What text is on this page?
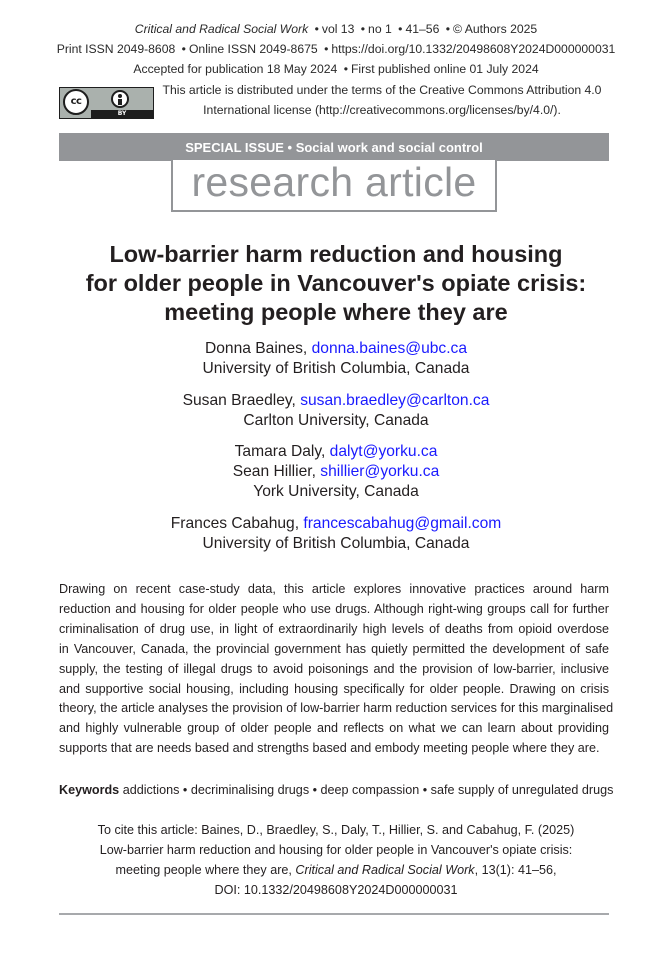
Critical and Radical Social Work • vol 13 • no 1 • 41–56 • © Authors 2025
Print ISSN 2049-8608 • Online ISSN 2049-8675 • https://doi.org/10.1332/20498608Y2024D000000031
Accepted for publication 18 May 2024 • First published online 01 July 2024
cc
BY
This article is distributed under the terms of the Creative Commons Attribution 4.0
International license (http://creativecommons.org/licenses/by/4.0/).
SPECIAL ISSUE • Social work and social control
research article
Low-barrier harm reduction and housing
for older people in Vancouver's opiate crisis:
meeting people where they are
Donna Baines, donna.baines@ubc.ca
University of British Columbia, Canada
Susan Braedley, susan.braedley@carlton.ca
Carlton University, Canada
Tamara Daly, dalyt@yorku.ca
Sean Hillier, shillier@yorku.ca
York University, Canada
Frances Cabahug, francescabahug@gmail.com
University of British Columbia, Canada
Drawing on recent case-study data, this article explores innovative practices around harm
reduction and housing for older people who use drugs. Although right-wing groups call for further
criminalisation of drug use, in light of extraordinarily high levels of deaths from opioid overdose
in Vancouver, Canada, the provincial government has quietly permitted the development of safe
supply, the testing of illegal drugs to avoid poisonings and the provision of low-barrier, inclusive
and supportive social housing, including housing specifically for older people. Drawing on crisis
theory, the article analyses the provision of low-barrier harm reduction services for this marginalised
and highly vulnerable group of older people and reflects on what we can learn about providing
supports that are needs based and strengths based and embody meeting people where they are.
Keywords addictions • decriminalising drugs • deep compassion • safe supply of unregulated drugs
To cite this article: Baines, D., Braedley, S., Daly, T., Hillier, S. and Cabahug, F. (2025)
Low-barrier harm reduction and housing for older people in Vancouver's opiate crisis:
meeting people where they are, Critical and Radical Social Work, 13(1): 41–56,
DOI: 10.1332/20498608Y2024D000000031
